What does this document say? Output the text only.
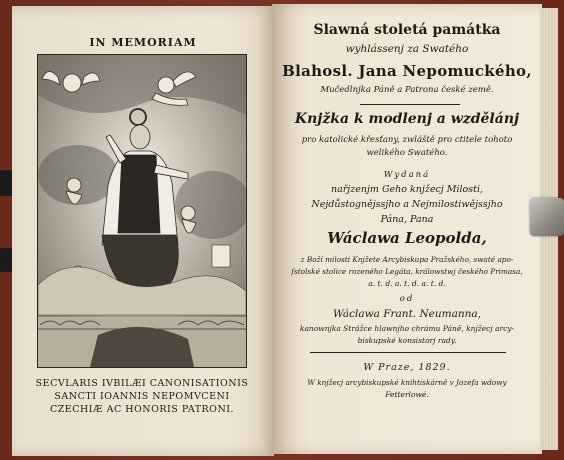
IN MEMORIAM
SECVLARIS IVBILÆI CANONISATIONIS
SANCTI IOANNIS NEPOMVCENI
CZECHIÆ AC HONORIS PATRONI.
Slawná stoletá památka
wyhlássenj za Swatého
Blahosl. Jana Nepomuckého,
Mučedlnjka Páně a Patrona české země.
Knjžka k modlenj a wzdělánj
pro katolické křesťany, zwláště pro ctitele tohoto
welikého Swatého.
Wydaná
nařjzenjm Geho knjžecj Milosti,
Nejdůstognějssjho a Nejmilostiwějssjho
Pána, Pana
Wáclawa Leopolda,
z Boží milosti Knjžete Arcybiskupa Pražského, swaté apo-
ſstolské stolice rozeného Legáta, králowstwj českého Primasa,
a. t. d. a. t. d. a. t. d.
od
Wáclawa Frant. Neumanna,
kanownjka Strážce hlawnjho chrámu Páně, knjžecj arcy-
biskupské konsistorj rady.
W Praze, 1829.
W knjžecj arcybiskupské knihtiskárně v Jozefa wdowy
Fetterlowé.
